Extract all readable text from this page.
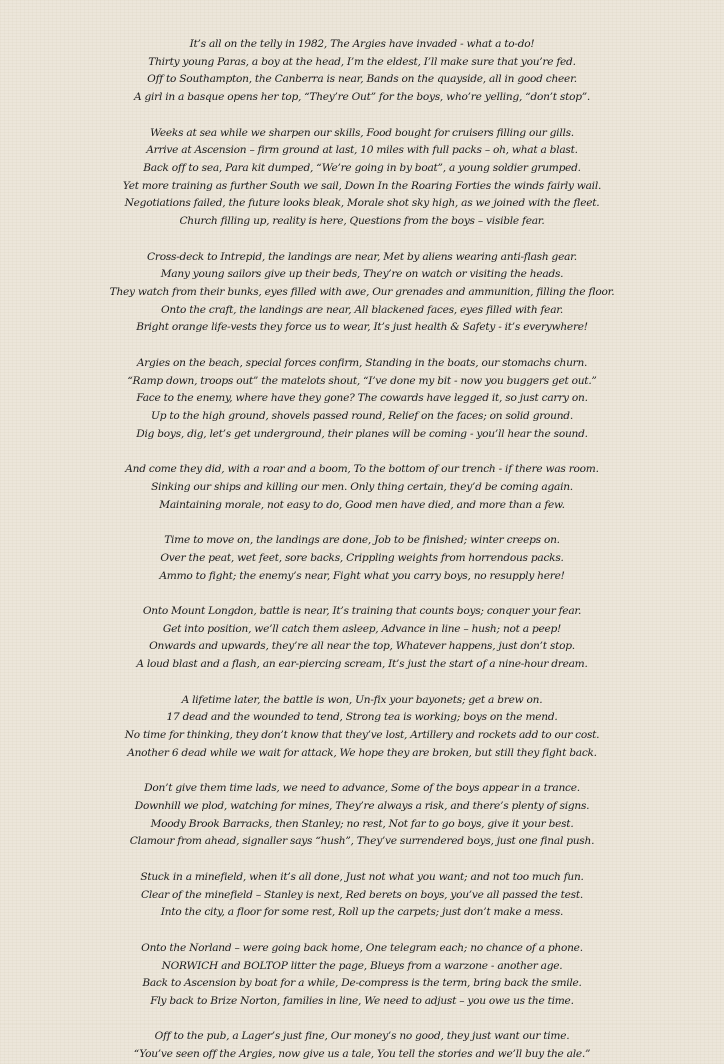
It’s all on the telly in 1982, The Argies have invaded - what a to-do!
Thirty young Paras, a boy at the head, I’m the eldest, I’ll make sure that you’re fed.
Off to Southampton, the Canberra is near, Bands on the quayside, all in good cheer.
A girl in a basque opens her top, “They’re Out” for the boys, who’re yelling, “don’t stop”.
Weeks at sea while we sharpen our skills, Food bought for cruisers filling our gills.
Arrive at Ascension – firm ground at last, 10 miles with full packs – oh, what a blast.
Back off to sea, Para kit dumped, “We’re going in by boat”, a young soldier grumped.
Yet more training as further South we sail, Down In the Roaring Forties the winds fairly wail.
Negotiations failed, the future looks bleak, Morale shot sky high, as we joined with the fleet.
Church filling up, reality is here, Questions from the boys – visible fear.
Cross-deck to Intrepid, the landings are near, Met by aliens wearing anti-flash gear.
Many young sailors give up their beds, They’re on watch or visiting the heads.
They watch from their bunks, eyes filled with awe, Our grenades and ammunition, filling the floor.
Onto the craft, the landings are near, All blackened faces, eyes filled with fear.
Bright orange life-vests they force us to wear, It’s just health & Safety - it’s everywhere!
Argies on the beach, special forces confirm, Standing in the boats, our stomachs churn.
“Ramp down, troops out” the matelots shout, “I’ve done my bit - now you buggers get out.”
Face to the enemy, where have they gone? The cowards have legged it, so just carry on.
Up to the high ground, shovels passed round, Relief on the faces; on solid ground.
Dig boys, dig, let’s get underground, their planes will be coming - you’ll hear the sound.
And come they did, with a roar and a boom, To the bottom of our trench - if there was room.
Sinking our ships and killing our men. Only thing certain, they’d be coming again.
Maintaining morale, not easy to do, Good men have died, and more than a few.
Time to move on, the landings are done, Job to be finished; winter creeps on.
Over the peat, wet feet, sore backs, Crippling weights from horrendous packs.
Ammo to fight; the enemy’s near, Fight what you carry boys, no resupply here!
Onto Mount Longdon, battle is near, It’s training that counts boys; conquer your fear.
Get into position, we’ll catch them asleep, Advance in line – hush; not a peep!
Onwards and upwards, they’re all near the top, Whatever happens, just don’t stop.
A loud blast and a flash, an ear-piercing scream, It’s just the start of a nine-hour dream.
A lifetime later, the battle is won, Un-fix your bayonets; get a brew on.
17 dead and the wounded to tend, Strong tea is working; boys on the mend.
No time for thinking, they don’t know that they’ve lost, Artillery and rockets add to our cost.
Another 6 dead while we wait for attack, We hope they are broken, but still they fight back.
Don’t give them time lads, we need to advance, Some of the boys appear in a trance.
Downhill we plod, watching for mines, They’re always a risk, and there’s plenty of signs.
Moody Brook Barracks, then Stanley; no rest, Not far to go boys, give it your best.
Clamour from ahead, signaller says “hush”, They’ve surrendered boys, just one final push.
Stuck in a minefield, when it’s all done, Just not what you want; and not too much fun.
Clear of the minefield – Stanley is next, Red berets on boys, you’ve all passed the test.
Into the city, a floor for some rest, Roll up the carpets; just don’t make a mess.
Onto the Norland – were going back home, One telegram each; no chance of a phone.
NORWICH and BOLTOP litter the page, Blueys from a warzone - another age.
Back to Ascension by boat for a while, De-compress is the term, bring back the smile.
Fly back to Brize Norton, families in line, We need to adjust – you owe us the time.
Off to the pub, a Lager’s just fine, Our money’s no good, they just want our time.
“You’ve seen off the Argies, now give us a tale, You tell the stories and we’ll buy the ale.”
